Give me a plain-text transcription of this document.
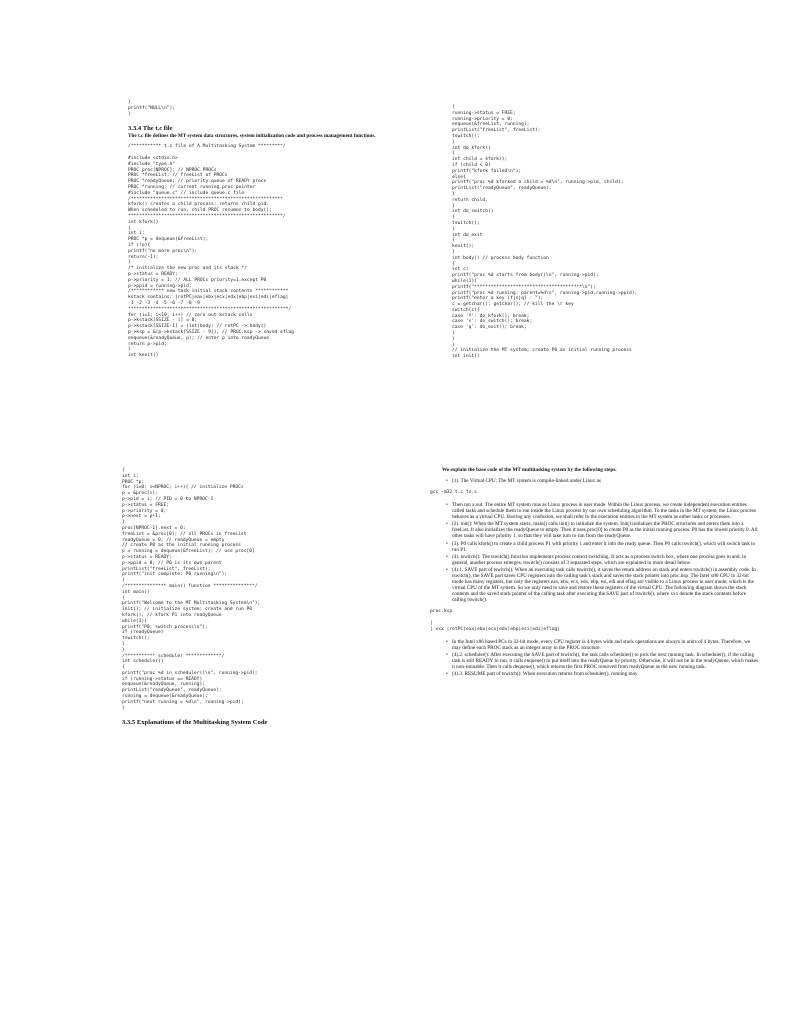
}
printf("NULL\n");
}
3.3.4 The t.c file
The t.c file defines the MT system data structures, system initialization code and process management functions.
/*********** t.c file of A Multitasking System *********/

#include <stdio.h>
#include "type.h"
PROC proc[NPROC]; // NPROC PROCs
PROC *freeList; // freeList of PROCs
PROC *readyQueue; // priority queue of READY procs
PROC *running; // current running proc pointer
#include "queue.c" // include queue.c file
/*******************************************************
kfork() creates a child process; returns child pid.
When scheduled to run, child PROC resumes to body();
********************************************************/
int kfork()
{
int i;
PROC *p = dequeue(&freeList);
if (!p){
printf("no more proc\n");
return(-1);
}
/* initialize the new proc and its stack */
p->status = READY;
p->priority = 1; // ALL PROCs priority=1,except P0
p->ppid = running->pid;
/************ new task initial stack contents ************
kstack contains: |retPC|eax|ebx|ecx|edx|ebp|esi|edi|eflag|
-1 -2 -3 -4 -5 -6 -7 -8 -9
**********************************************************/
for (i=1; i<10; i++) // zero out kstack cells
p->kstack[SSIZE - i] = 0;
p->kstack[SSIZE-1] = (int)body; // retPC -> body()
p->ksp = &(p->kstack[SSIZE - 9]); // PROC.ksp -> saved eflag
enqueue(&readyQueue, p); // enter p into readyQueue
return p->pid;
}
int kexit()
{
running->status = FREE;
running->priority = 0;
enqueue(&freeList, running);
printList("freeList", freeList);
tswitch();
}
int do_kfork()
{
int child = kfork();
if (child < 0)
printf("kfork failed\n");
else{
printf("proc %d kforked a child = %d\n", running->pid, child);
printList("readyQueue", readyQueue);
}
return child;
}
int do_switch()
{
tswitch();
}
int do_exit
{
kexit();
}
int body() // process body function
{
int c;
printf("proc %d starts from body()\n", running->pid);
while(1){
printf("***************************************\n");
printf("proc %d running: parent=%d\n", running->pid,running->ppid);
printf("enter a key [f|s|q] : ");
c = getchar(); getchar(); // kill the \r key
switch(c){
case 'f': do_kfork(); break;
case 's': do_switch(); break;
case 'q': do_exit(); break;
}
}
}
// initialize the MT system; create P0 as initial running process
int init()
{
int i;
PROC *p;
for (i=0; i<NPROC; i++){ // initialize PROCs
p = &proc[i];
p->pid = i; // PID = 0 to NPROC-1
p->status = FREE;
p->priority = 0;
p->next = p+1;
}
proc[NPROC-1].next = 0;
freeList = &proc[0]; // all PROCs in freeList
readyQueue = 0; // readyQueue = empty
// create P0 as the initial running process
p = running = dequeue(&freeList); // use proc[0]
p->status = READY;
p->ppid = 0; // P0 is its own parent
printList("freeList", freeList);
printf("init complete: P0 running\n");
}
/*************** main() function ***************/
int main()
{
printf("Welcome to the MT Multitasking System\n");
init(); // initialize system; create and run P0
kfork(); // kfork P1 into readyQueue
while(1){
printf("P0: switch process\n");
if (readyQueue)
tswitch();
}
}
/*********** scheduler *************/
int scheduler()
{
printf("proc %d in scheduler()\n", running->pid);
if (running->status == READY)
enqueue(&readyQueue, running);
printList("readyQueue", readyQueue);
running = dequeue(&readyQueue);
printf("next running = %d\n", running->pid);
}
3.3.5 Explanations of the Multitasking System Code
We explain the base code of the MT multitasking system by the following steps.
• (1). The Virtual CPU: The MT system is compile-linked under Linux as
gcc -m32 t.c ts.s
• Then run a.out. The entire MT system runs as Linux process in user mode. Within the Linux process, we create independent execution entities called tasks and schedule them to run inside the Linux process by our own scheduling algorithm. To the tasks in the MT system, the Linux process behaves as a virtual CPU. Barring any confusion, we shall refer to the execution entities in the MT system as either tasks or processes.
• (2). init(): When the MT system starts, main() calls init() to initialize the system. Init() initializes the PROC structures and enters them into a freeList. It also initializes the readyQueue to empty. Then it uses proc[0] to create P0 as the initial running process. P0 has the lowest priority 0. All other tasks will have priority 1, so that they will take turn to run from the readyQueue.
• (3). P0 calls kfork() to create a child process P1 with priority 1 and enter it into the ready queue. Then P0 calls tswitch(), which will switch task to run P1.
• (4). tswitch(): The tswitch() function implements process context switching. It acts as a process switch box, where one process goes in and, in general, another process emerges. tswitch() consists of 3 separated steps, which are explained in more detail below.
• (4).1. SAVE part of tswitch(): When an executing task calls tswitch(), it saves the return address on stack and enters tswitch() in assembly code. In tswitch(), the SAVE part saves CPU registers into the calling task's stack and saves the stack pointer into proc.ksp. The Intel x86 CPU in 32-bit mode has many registers, but only the registers eax, ebx, ecx, edx, ebp, esi, edi and eflag are visible to a Linux process in user mode, which is the virtual CPU of the MT system. So we only need to save and restore these registers of the virtual CPU. The following diagram shows the stack contents and the saved stack pointer of the calling task after executing the SAVE part of tswitch(), where xxx denote the stack contents before calling tswitch().
proc.ksp
|
| xxx |retPC|eax|ebx|ecx|edx|ebp|esi|edi|eflag|
• In the Intel x86 based PCs in 32-bit mode, every CPU register is 4 bytes wide and stack operations are always in units of 4 bytes. Therefore, we may define each PROC stack as an integer array in the PROC structure.
• (4).2. scheduler(): After executing the SAVE part of tswitch(), the task calls scheduler() to pick the next running task. In scheduler(), if the calling task is still READY to run, it calls enqueue() to put itself into the readyQueue by priority. Otherwise, it will not be in the readyQueue, which makes it non-runnable. Then it calls dequeue(), which returns the first PROC removed from readyQueue as the new running task.
• (4).3. RESUME part of tswitch(): When execution returns from scheduler(), running may
